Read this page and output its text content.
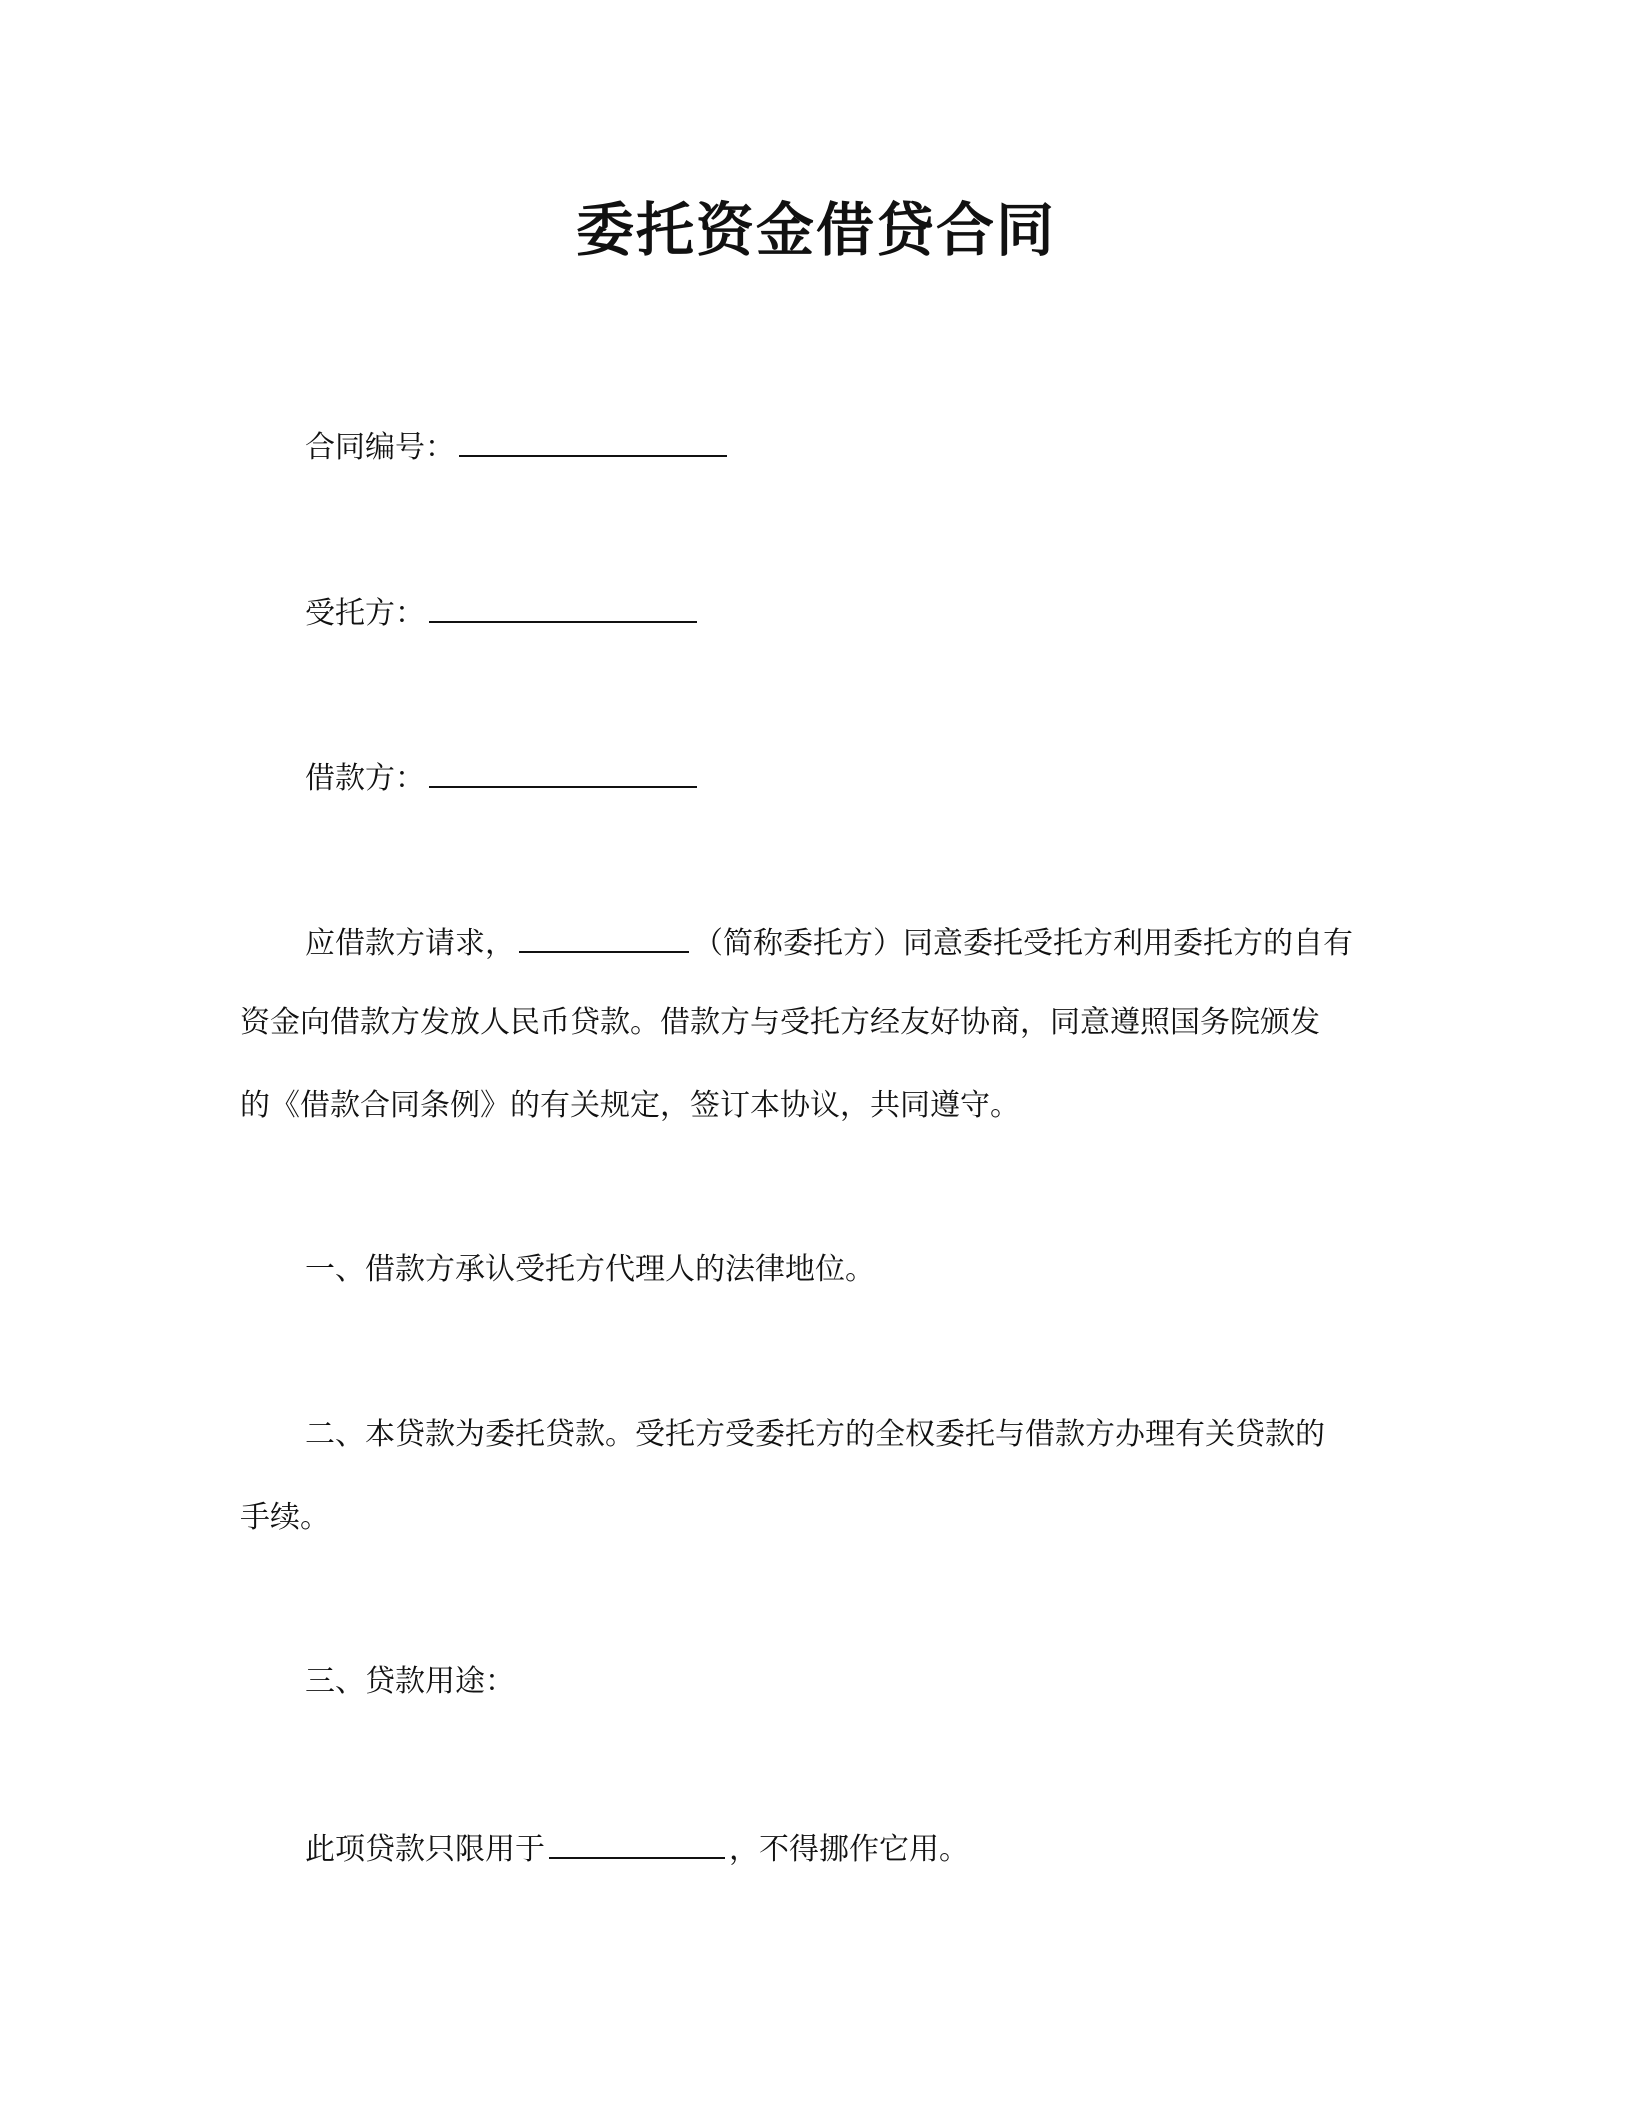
委托资金借贷合同
合同编号：
受托方：
借款方：
应借款方请求，	（简称委托方）同意委托受托方利用委托方的自有
资金向借款方发放人民币贷款。借款方与受托方经友好协商，同意遵照国务院颁发
的《借款合同条例》的有关规定，签订本协议，共同遵守。
一、借款方承认受托方代理人的法律地位。
二、本贷款为委托贷款。受托方受委托方的全权委托与借款方办理有关贷款的
手续。
三、贷款用途：
此项贷款只限用于	，不得挪作它用。
